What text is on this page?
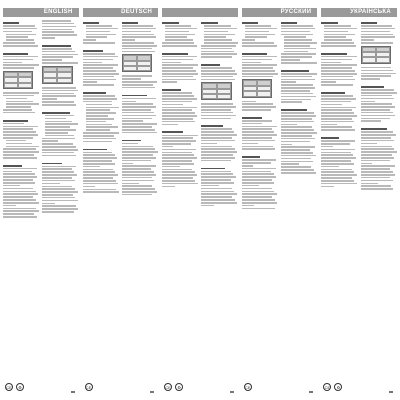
ENGLISH
CE	♻
DEUTSCH
CE	CE	♻
РУССКИЙ
CE
УКРАЇНСЬКА
CE	♻
